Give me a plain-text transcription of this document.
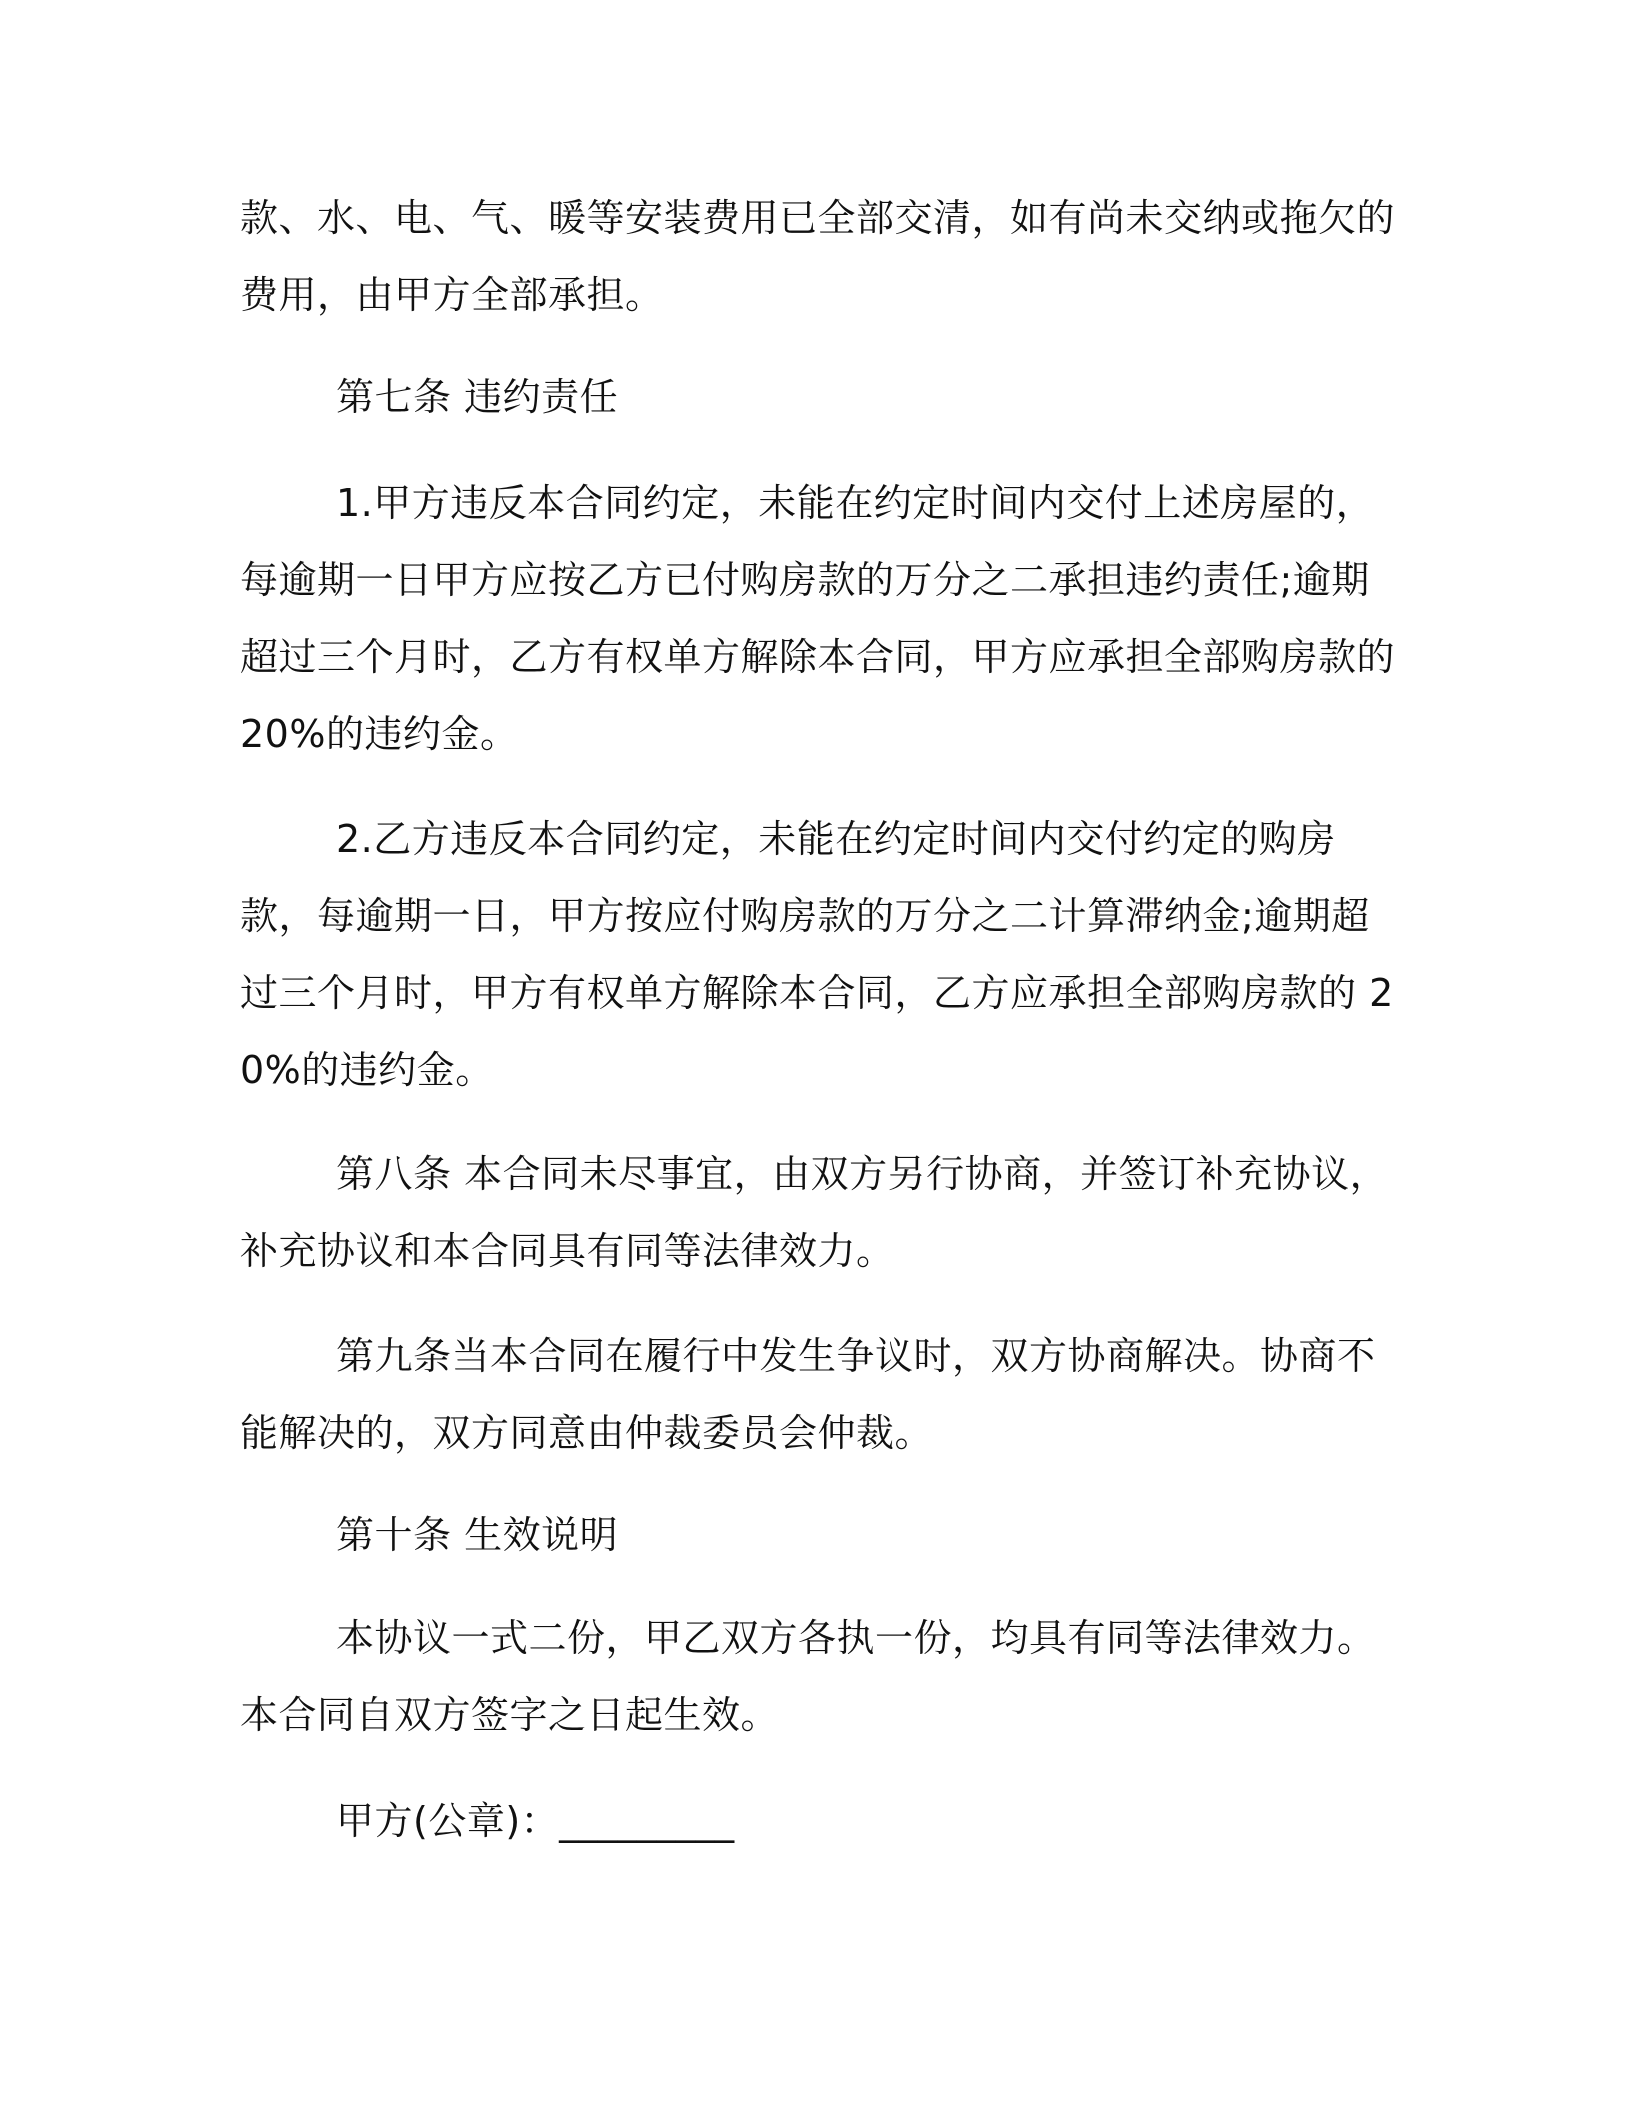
款、水、电、气、暖等安装费用已全部交清，如有尚未交纳或拖欠的费用，由甲方全部承担。

第七条 违约责任

1.甲方违反本合同约定，未能在约定时间内交付上述房屋的，每逾期一日甲方应按乙方已付购房款的万分之二承担违约责任;逾期超过三个月时，乙方有权单方解除本合同，甲方应承担全部购房款的 20%的违约金。

2.乙方违反本合同约定，未能在约定时间内交付约定的购房款，每逾期一日，甲方按应付购房款的万分之二计算滞纳金;逾期超过三个月时，甲方有权单方解除本合同，乙方应承担全部购房款的 20%的违约金。

第八条 本合同未尽事宜，由双方另行协商，并签订补充协议，补充协议和本合同具有同等法律效力。

第九条当本合同在履行中发生争议时，双方协商解决。协商不能解决的，双方同意由仲裁委员会仲裁。

第十条 生效说明

本协议一式二份，甲乙双方各执一份，均具有同等法律效力。 本合同自双方签字之日起生效。

甲方(公章)：_________
